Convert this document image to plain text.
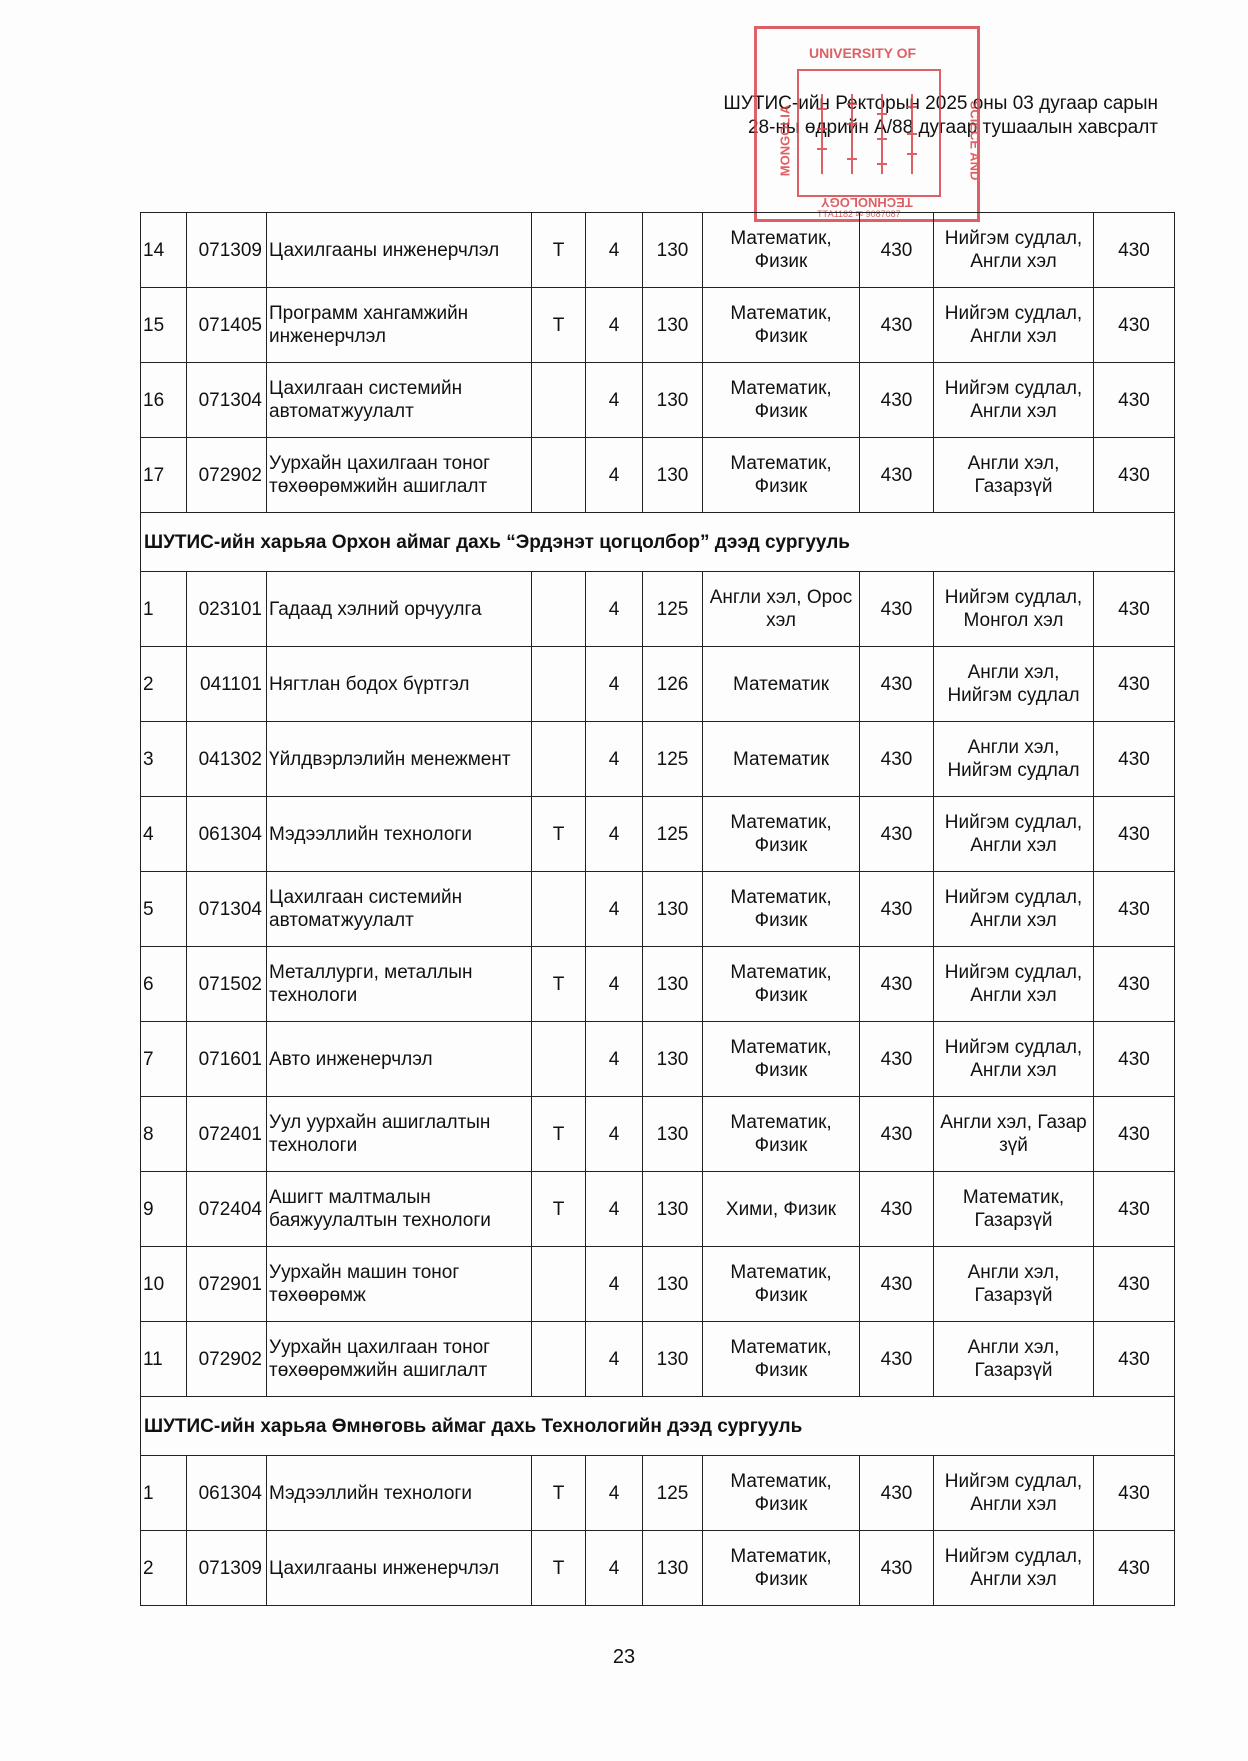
ШУТИС-ийн Ректорын 2025 оны 03 дугаар сарын
28-ны өдрийн А/88 дугаар тушаалын хавсралт
UNIVERSITY OF
MONGOLIA	SCIECE AND
TECHNOLOGY
ТТА1182 ✉ 9087087
14	071309	Цахилгааны инженерчлэл	Т	4	130	Математик, Физик	430	Нийгэм судлал, Англи хэл	430
15	071405	Программ хангамжийн инженерчлэл	Т	4	130	Математик, Физик	430	Нийгэм судлал, Англи хэл	430
16	071304	Цахилгаан системийн автоматжуулалт		4	130	Математик, Физик	430	Нийгэм судлал, Англи хэл	430
17	072902	Уурхайн цахилгаан тоног төхөөрөмжийн ашиглалт		4	130	Математик, Физик	430	Англи хэл, Газарзүй	430
ШУТИС-ийн харьяа Орхон аймаг дахь “Эрдэнэт цогцолбор” дээд сургууль									
1	023101	Гадаад хэлний орчуулга		4	125	Англи хэл, Орос хэл	430	Нийгэм судлал, Монгол хэл	430
2	041101	Нягтлан бодох бүртгэл		4	126	Математик	430	Англи хэл, Нийгэм судлал	430
3	041302	Үйлдвэрлэлийн менежмент		4	125	Математик	430	Англи хэл, Нийгэм судлал	430
4	061304	Мэдээллийн технологи	Т	4	125	Математик, Физик	430	Нийгэм судлал, Англи хэл	430
5	071304	Цахилгаан системийн автоматжуулалт		4	130	Математик, Физик	430	Нийгэм судлал, Англи хэл	430
6	071502	Металлурги, металлын технологи	Т	4	130	Математик, Физик	430	Нийгэм судлал, Англи хэл	430
7	071601	Авто инженерчлэл		4	130	Математик, Физик	430	Нийгэм судлал, Англи хэл	430
8	072401	Уул уурхайн ашиглалтын технологи	Т	4	130	Математик, Физик	430	Англи хэл, Газар зүй	430
9	072404	Ашигт малтмалын баяжуулалтын технологи	Т	4	130	Хими, Физик	430	Математик, Газарзүй	430
10	072901	Уурхайн машин тоног төхөөрөмж		4	130	Математик, Физик	430	Англи хэл, Газарзүй	430
11	072902	Уурхайн цахилгаан тоног төхөөрөмжийн ашиглалт		4	130	Математик, Физик	430	Англи хэл, Газарзүй	430
ШУТИС-ийн харьяа Өмнөговь аймаг дахь Технологийн дээд сургууль									
1	061304	Мэдээллийн технологи	Т	4	125	Математик, Физик	430	Нийгэм судлал, Англи хэл	430
2	071309	Цахилгааны инженерчлэл	Т	4	130	Математик, Физик	430	Нийгэм судлал, Англи хэл	430
23
